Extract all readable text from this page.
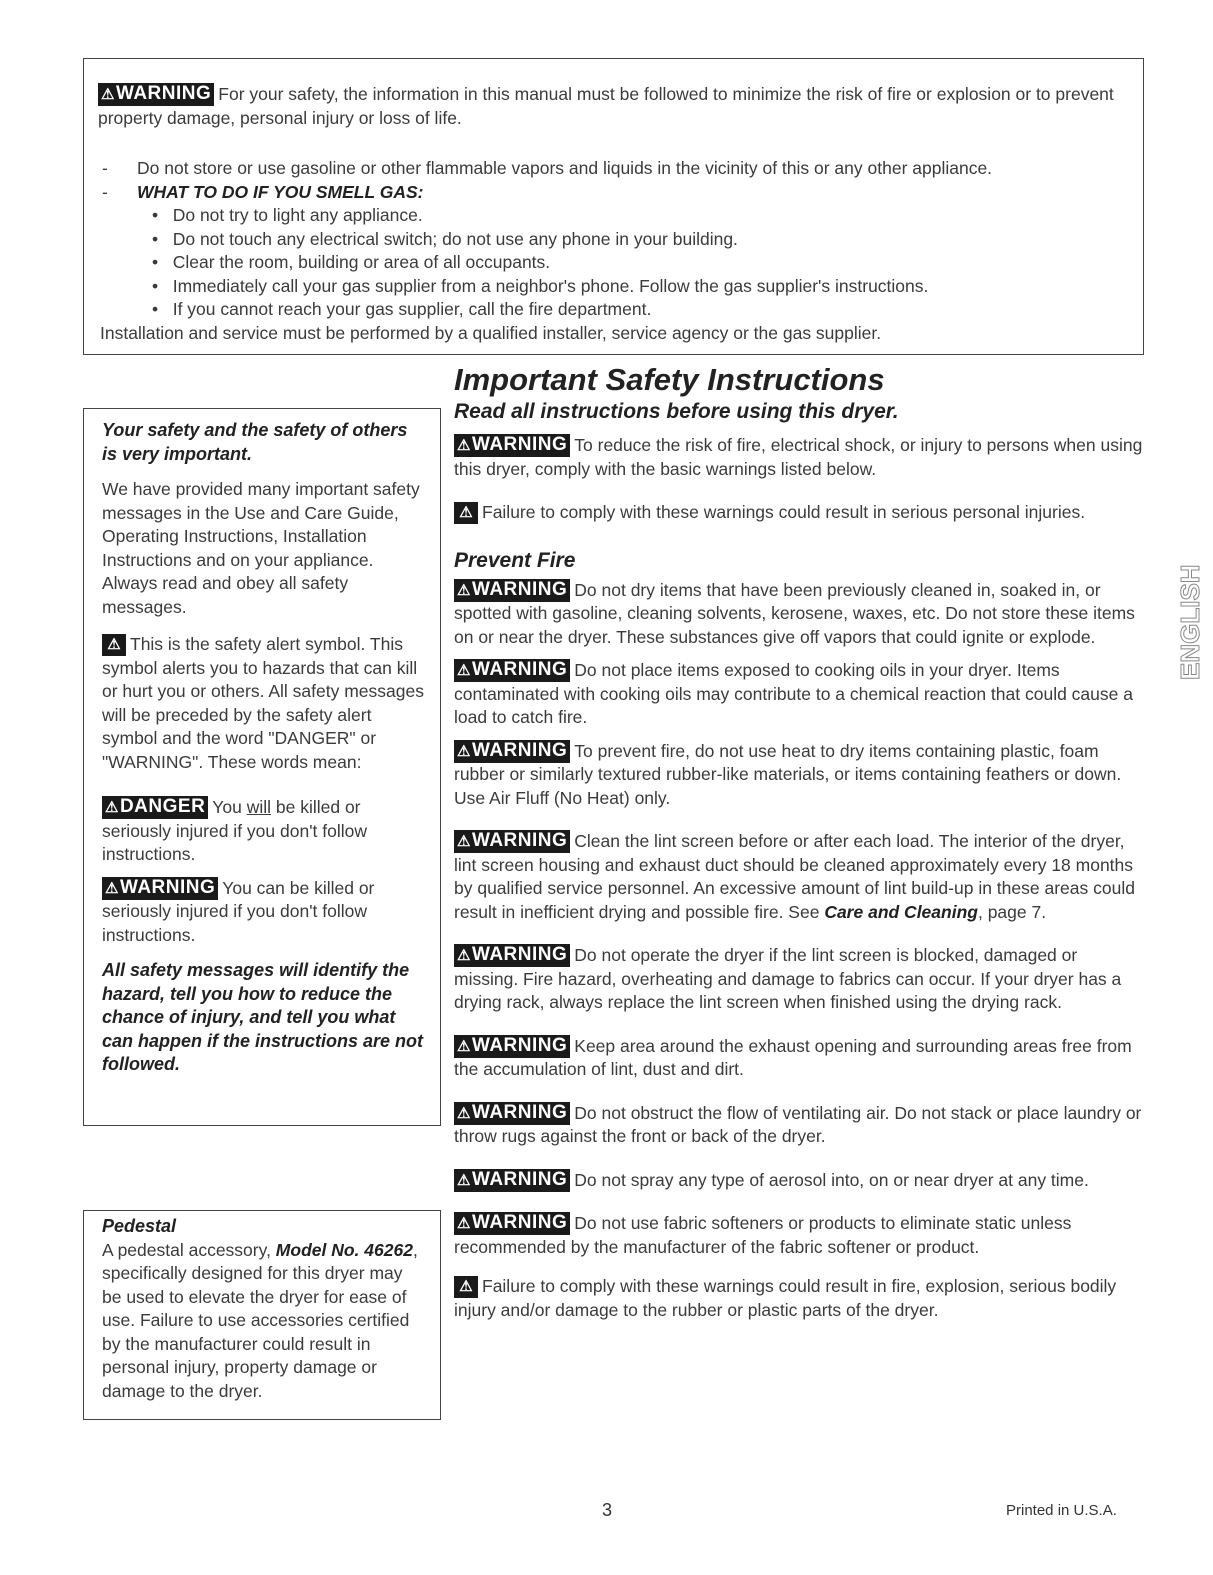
⚠WARNING For your safety, the information in this manual must be followed to minimize the risk of fire or explosion or to prevent property damage, personal injury or loss of life.

-      Do not store or use gasoline or other flammable vapors and liquids in the vicinity of this or any other appliance.

-      WHAT TO DO IF YOU SMELL GAS:

•   Do not try to light any appliance.

•   Do not touch any electrical switch; do not use any phone in your building.

•   Clear the room, building or area of all occupants.

•   Immediately call your gas supplier from a neighbor's phone. Follow the gas supplier's instructions.

•   If you cannot reach your gas supplier, call the fire department.

Installation and service must be performed by a qualified installer, service agency or the gas supplier.

Important Safety Instructions

Your safety and the safety of others is very important.

We have provided many important safety messages in the Use and Care Guide, Operating Instructions, Installation Instructions and on your appliance. Always read and obey all safety messages.

⚠ This is the safety alert symbol. This symbol alerts you to hazards that can kill or hurt you or others. All safety messages will be preceded by the safety alert symbol and the word "DANGER" or "WARNING". These words mean:

⚠DANGER You will be killed or seriously injured if you don't follow instructions.

⚠WARNING You can be killed or seriously injured if you don't follow instructions.

All safety messages will identify the hazard, tell you how to reduce the chance of injury, and tell you what can happen if the instructions are not followed.

Pedestal

A pedestal accessory, Model No. 46262, specifically designed for this dryer may be used to elevate the dryer for ease of use. Failure to use accessories certified by the manufacturer could result in personal injury, property damage or damage to the dryer.

Read all instructions before using this dryer.

⚠WARNING To reduce the risk of fire, electrical shock, or injury to persons when using this dryer, comply with the basic warnings listed below.

⚠ Failure to comply with these warnings could result in serious personal injuries.

Prevent Fire

⚠WARNING Do not dry items that have been previously cleaned in, soaked in, or spotted with gasoline, cleaning solvents, kerosene, waxes, etc. Do not store these items on or near the dryer. These substances give off vapors that could ignite or explode.

⚠WARNING Do not place items exposed to cooking oils in your dryer. Items contaminated with cooking oils may contribute to a chemical reaction that could cause a load to catch fire.

⚠WARNING To prevent fire, do not use heat to dry items containing plastic, foam rubber or similarly textured rubber-like materials, or items containing feathers or down. Use Air Fluff (No Heat) only.

⚠WARNING Clean the lint screen before or after each load. The interior of the dryer, lint screen housing and exhaust duct should be cleaned approximately every 18 months by qualified service personnel. An excessive amount of lint build-up in these areas could result in inefficient drying and possible fire. See Care and Cleaning, page 7.

⚠WARNING Do not operate the dryer if the lint screen is blocked, damaged or missing. Fire hazard, overheating and damage to fabrics can occur. If your dryer has a drying rack, always replace the lint screen when finished using the drying rack.

⚠WARNING Keep area around the exhaust opening and surrounding areas free from the accumulation of lint, dust and dirt.

⚠WARNING Do not obstruct the flow of ventilating air. Do not stack or place laundry or throw rugs against the front or back of the dryer.

⚠WARNING Do not spray any type of aerosol into, on or near dryer at any time.

⚠WARNING Do not use fabric softeners or products to eliminate static unless recommended by the manufacturer of the fabric softener or product.

⚠ Failure to comply with these warnings could result in fire, explosion, serious bodily injury and/or damage to the rubber or plastic parts of the dryer.

ENGLISH
3	Printed in U.S.A.
